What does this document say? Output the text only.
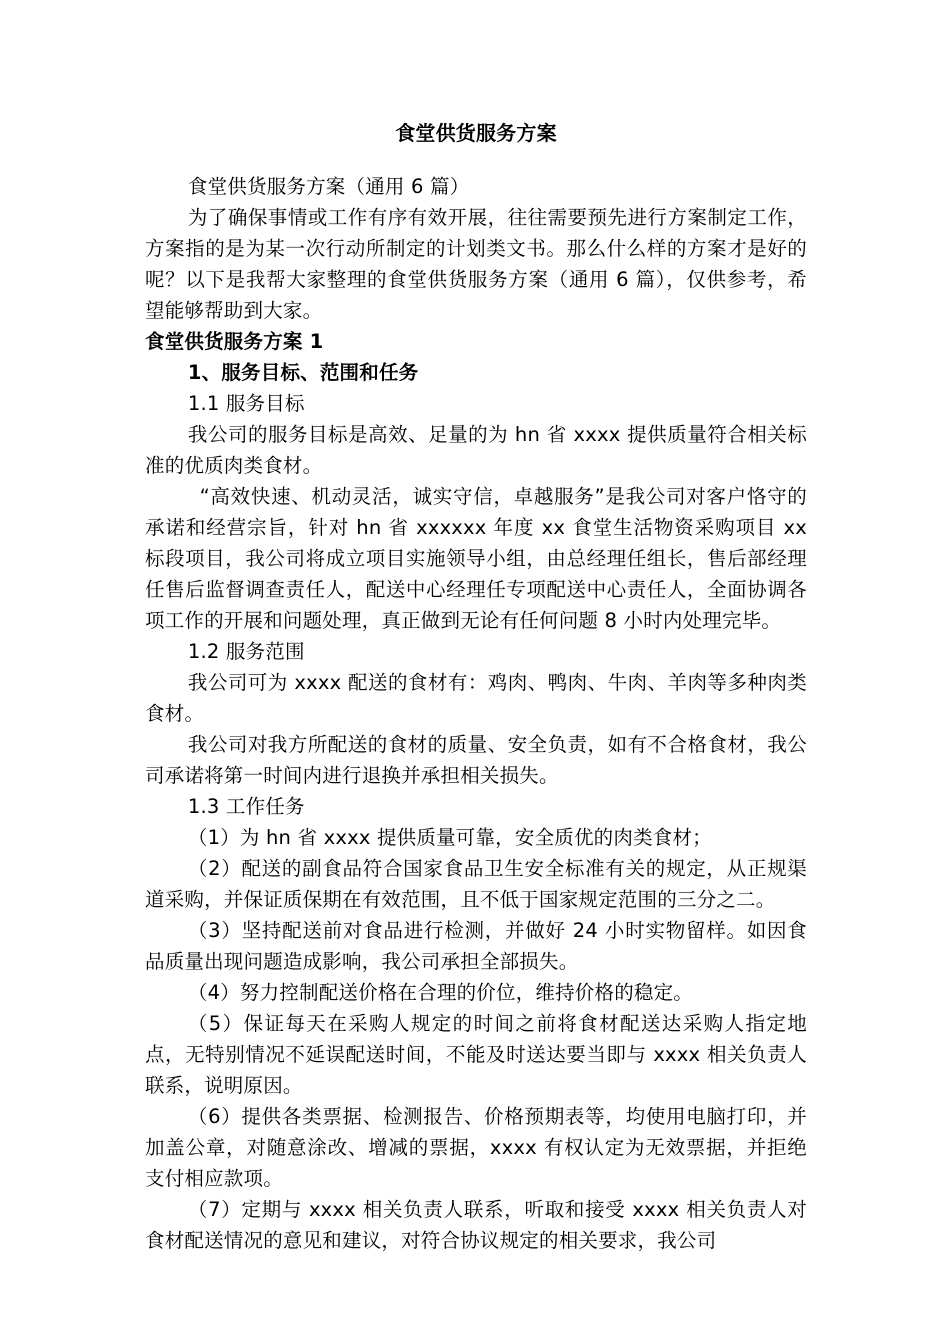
食堂供货服务方案

食堂供货服务方案（通用 6 篇）

为了确保事情或工作有序有效开展，往往需要预先进行方案制定工作，方案指的是为某一次行动所制定的计划类文书。那么什么样的方案才是好的呢？以下是我帮大家整理的食堂供货服务方案（通用 6 篇），仅供参考，希望能够帮助到大家。

食堂供货服务方案 1

1、服务目标、范围和任务

1.1 服务目标

我公司的服务目标是高效、足量的为 hn 省 xxxx 提供质量符合相关标准的优质肉类食材。

“高效快速、机动灵活，诚实守信，卓越服务”是我公司对客户恪守的承诺和经营宗旨，针对 hn 省 xxxxxx 年度 xx 食堂生活物资采购项目 xx 标段项目，我公司将成立项目实施领导小组，由总经理任组长，售后部经理任售后监督调查责任人，配送中心经理任专项配送中心责任人，全面协调各项工作的开展和问题处理，真正做到无论有任何问题 8 小时内处理完毕。

1.2 服务范围

我公司可为 xxxx 配送的食材有：鸡肉、鸭肉、牛肉、羊肉等多种肉类食材。

我公司对我方所配送的食材的质量、安全负责，如有不合格食材，我公司承诺将第一时间内进行退换并承担相关损失。

1.3 工作任务

（1）为 hn 省 xxxx 提供质量可靠，安全质优的肉类食材；

（2）配送的副食品符合国家食品卫生安全标准有关的规定，从正规渠道采购，并保证质保期在有效范围，且不低于国家规定范围的三分之二。

（3）坚持配送前对食品进行检测，并做好 24 小时实物留样。如因食品质量出现问题造成影响，我公司承担全部损失。

（4）努力控制配送价格在合理的价位，维持价格的稳定。

（5）保证每天在采购人规定的时间之前将食材配送达采购人指定地点，无特别情况不延误配送时间，不能及时送达要当即与 xxxx 相关负责人联系，说明原因。

（6）提供各类票据、检测报告、价格预期表等，均使用电脑打印，并加盖公章，对随意涂改、增减的票据，xxxx 有权认定为无效票据，并拒绝支付相应款项。

（7）定期与 xxxx 相关负责人联系，听取和接受 xxxx 相关负责人对食材配送情况的意见和建议，对符合协议规定的相关要求，我公司
